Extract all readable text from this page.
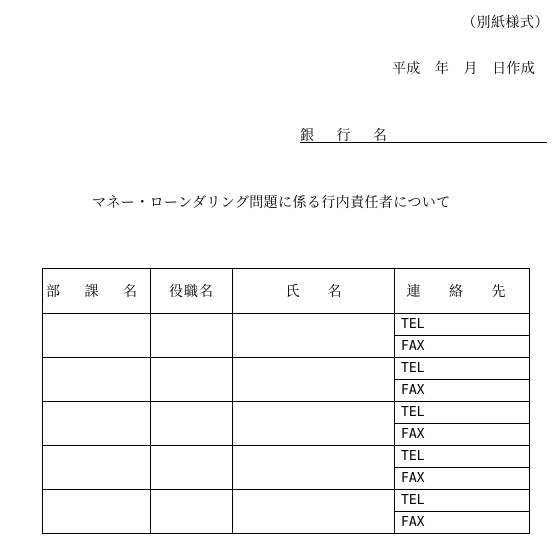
（別紙様式）
平成　年　月　日作成
銀 行 名
マネー・ローンダリング問題に係る行内責任者について
部 課 名	役職名	氏　　名	連 絡 先
			TEL
			FAX
			TEL
			FAX
			TEL
			FAX
			TEL
			FAX
			TEL
			FAX
